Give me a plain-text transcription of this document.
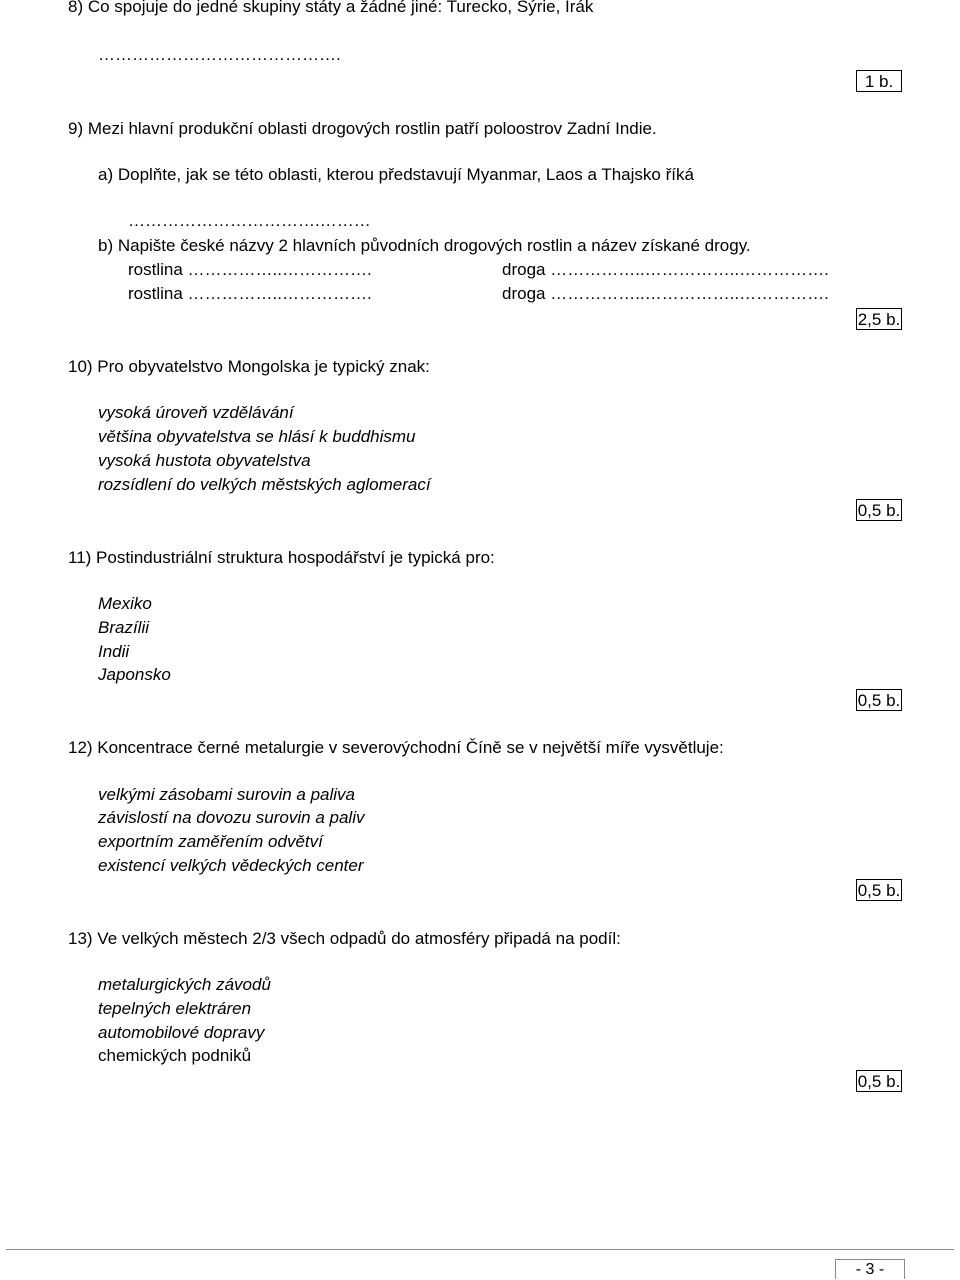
8) Co spojuje do jedné skupiny státy a žádné jiné: Turecko, Sýrie, Irák
…………………………………….
1 b.
9) Mezi hlavní produkční oblasti drogových rostlin patří poloostrov Zadní Indie.
a) Doplňte, jak se této oblasti, kterou představují Myanmar, Laos a Thajsko říká
…………………………….………
b) Napište české názvy 2 hlavních původních drogových rostlin a název získané drogy.
rostlina ……………..…………….	droga ……………..……………..…………….
rostlina ……………..…………….	droga ……………..……………..…………….
2,5 b.
10) Pro obyvatelstvo Mongolska je typický znak:
vysoká úroveň vzdělávání
většina obyvatelstva se hlásí k buddhismu
vysoká hustota obyvatelstva
rozsídlení do velkých městských aglomerací
0,5 b.
11) Postindustriální struktura hospodářství je typická pro:
Mexiko
Brazílii
Indii
Japonsko
0,5 b.
12) Koncentrace černé metalurgie v severovýchodní Číně se v největší míře vysvětluje:
velkými zásobami surovin a paliva
závislostí na dovozu surovin a paliv
exportním zaměřením odvětví
existencí velkých vědeckých center
0,5 b.
13) Ve velkých městech 2/3 všech odpadů do atmosféry připadá na podíl:
metalurgických závodů
tepelných elektráren
automobilové dopravy
chemických podniků
0,5 b.
- 3 -
